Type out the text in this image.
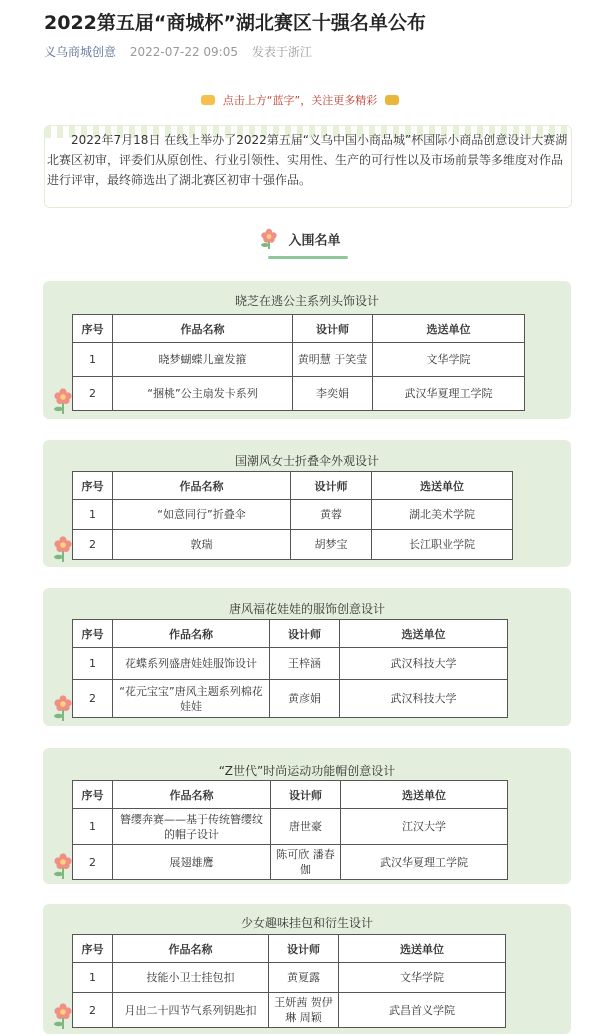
2022第五届“商城杯”湖北赛区十强名单公布
义乌商城创意 2022-07-22 09:05 发表于浙江
点击上方“蓝字”，关注更多精彩

2022年7月18日 在线上举办了2022第五届“义乌中国小商品城”杯国际小商品创意设计大赛湖北赛区初审，评委们从原创性、行业引领性、实用性、生产的可行性以及市场前景等多维度对作品进行评审，最终筛选出了湖北赛区初审十强作品。

入围名单
晓芝在逃公主系列头饰设计
序号	作品名称	设计师	选送单位
1	晓梦蝴蝶儿童发箍	黄明慧 于笑莹	文华学院
2	“捆桃”公主扇发卡系列	李奕娟	武汉华夏理工学院
国潮风女士折叠伞外观设计
序号	作品名称	设计师	选送单位
1	“如意同行”折叠伞	黄蓉	湖北美术学院
2	敦瑞	胡梦宝	长江职业学院
唐风福花娃娃的服饰创意设计
序号	作品名称	设计师	选送单位
1	花蝶系列盛唐娃娃服饰设计	王梓涵	武汉科技大学
2	“花元宝宝”唐风主题系列棉花娃娃	黄彦娟	武汉科技大学
“Z世代”时尚运动功能帽创意设计
序号	作品名称	设计师	选送单位
1	簪缨奔赛——基于传统簪缨纹的帽子设计	唐世豪	江汉大学
2	展翅雄鹰	陈可欣 潘春伽	武汉华夏理工学院
少女趣味挂包和衍生设计
序号	作品名称	设计师	选送单位
1	技能小卫士挂包扣	黄夏露	文华学院
2	月出二十四节气系列钥匙扣	王妍茜 贺伊琳 周颖	武昌首义学院
